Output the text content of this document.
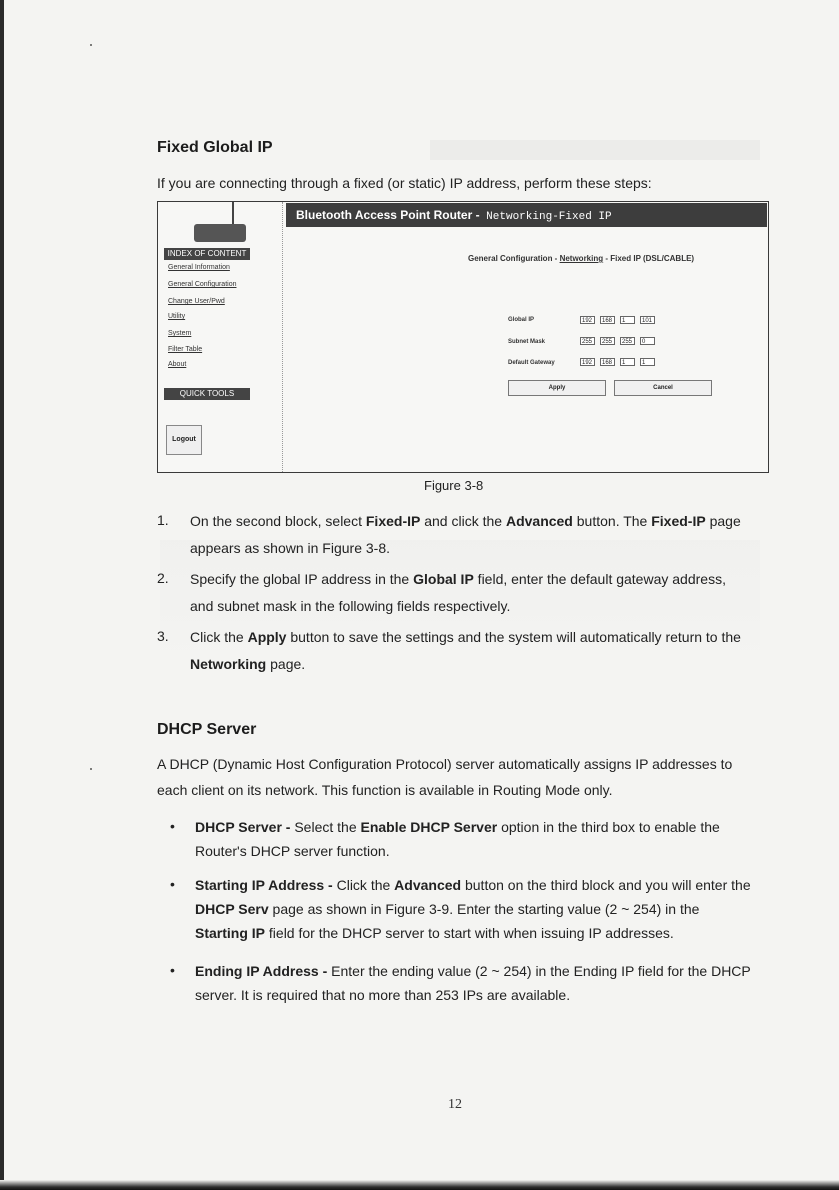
Fixed Global IP

If you are connecting through a fixed (or static) IP address, perform these steps:

INDEX OF CONTENT
General Information
General Configuration
Change User/Pwd
Utility
System
Filter Table
About
QUICK TOOLS
Logout
Bluetooth Access Point Router - Networking-Fixed IP
General Configuration - Networking - Fixed IP (DSL/CABLE)
Global IP	192	168	1	101
Subnet Mask	255	255	255	0
Default Gateway	192	168	1	1
Apply	Cancel
Figure 3-8
1. On the second block, select Fixed-IP and click the Advanced button. The Fixed-IP page

appears as shown in Figure 3-8.

2. Specify the global IP address in the Global IP field, enter the default gateway address,

and subnet mask in the following fields respectively.

3. Click the Apply button to save the settings and the system will automatically return to the

Networking page.

DHCP Server

A DHCP (Dynamic Host Configuration Protocol) server automatically assigns IP addresses to

each client on its network. This function is available in Routing Mode only.

• DHCP Server - Select the Enable DHCP Server option in the third box to enable the

Router's DHCP server function.

• Starting IP Address - Click the Advanced button on the third block and you will enter the

DHCP Serv page as shown in Figure 3-9. Enter the starting value (2 ~ 254) in the

Starting IP field for the DHCP server to start with when issuing IP addresses.

• Ending IP Address - Enter the ending value (2 ~ 254) in the Ending IP field for the DHCP

server. It is required that no more than 253 IPs are available.

12
